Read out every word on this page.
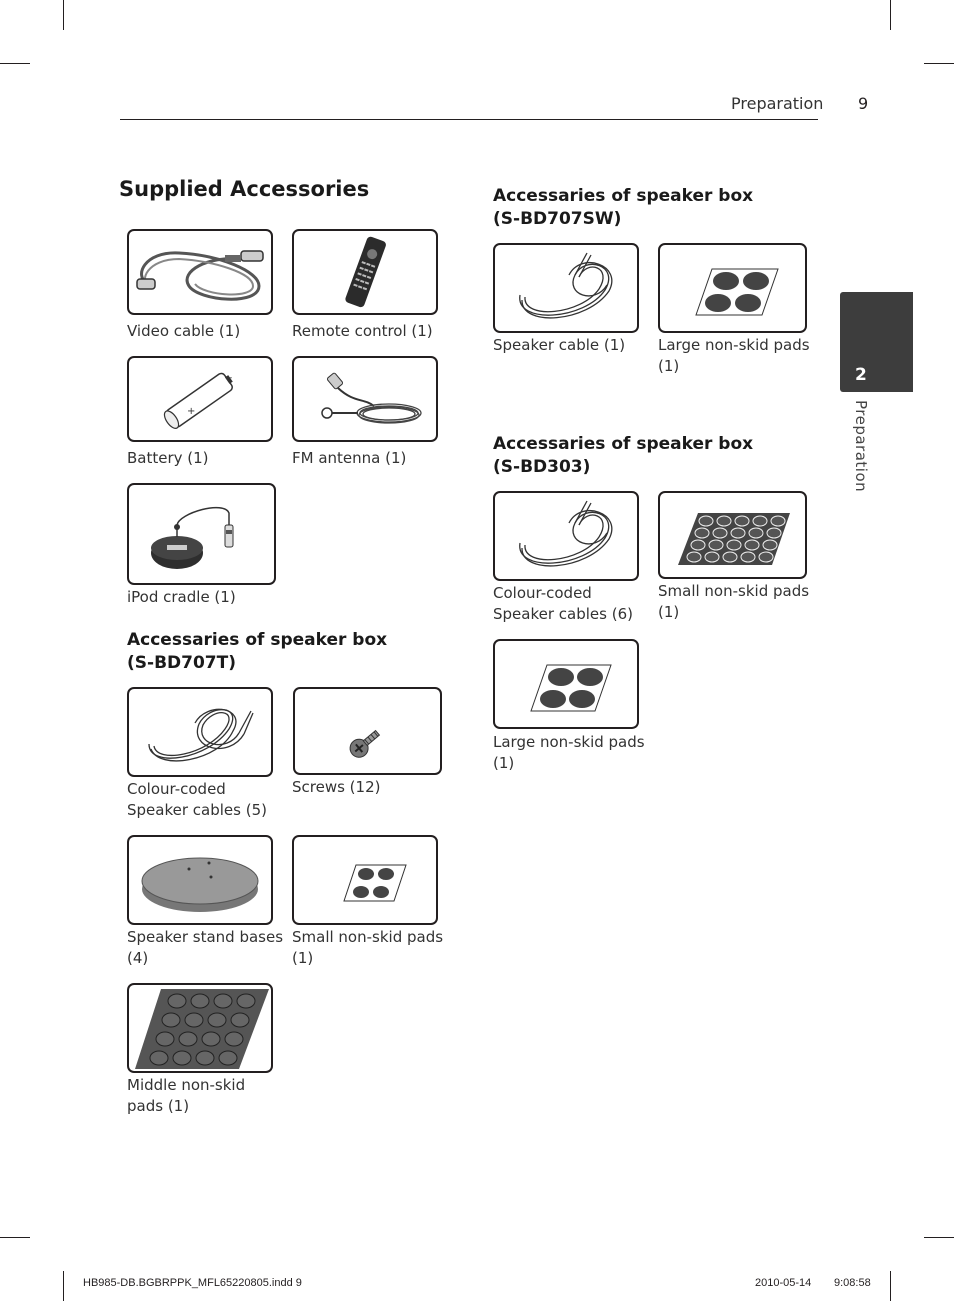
Preparation 9
2
Preparation
Supplied Accessories
Video cable (1)	Remote control (1)
+
-
Battery (1)	FM antenna (1)
iPod cradle (1)
Accessaries of speaker box
(S-BD707T)
Colour-coded
Speaker cables (5)
Screws (12)
Speaker stand bases
(4)
Small non-skid pads
(1)
Middle non-skid
pads (1)
Accessaries of speaker box
(S-BD707SW)
Speaker cable (1)	Large non-skid pads
(1)
Accessaries of speaker box
(S-BD303)
Colour-coded
Speaker cables (6)
Small non-skid pads
(1)
Large non-skid pads
(1)
HB985-DB.BGBRPPK_MFL65220805.indd 9	2010-05-14 9:08:58
